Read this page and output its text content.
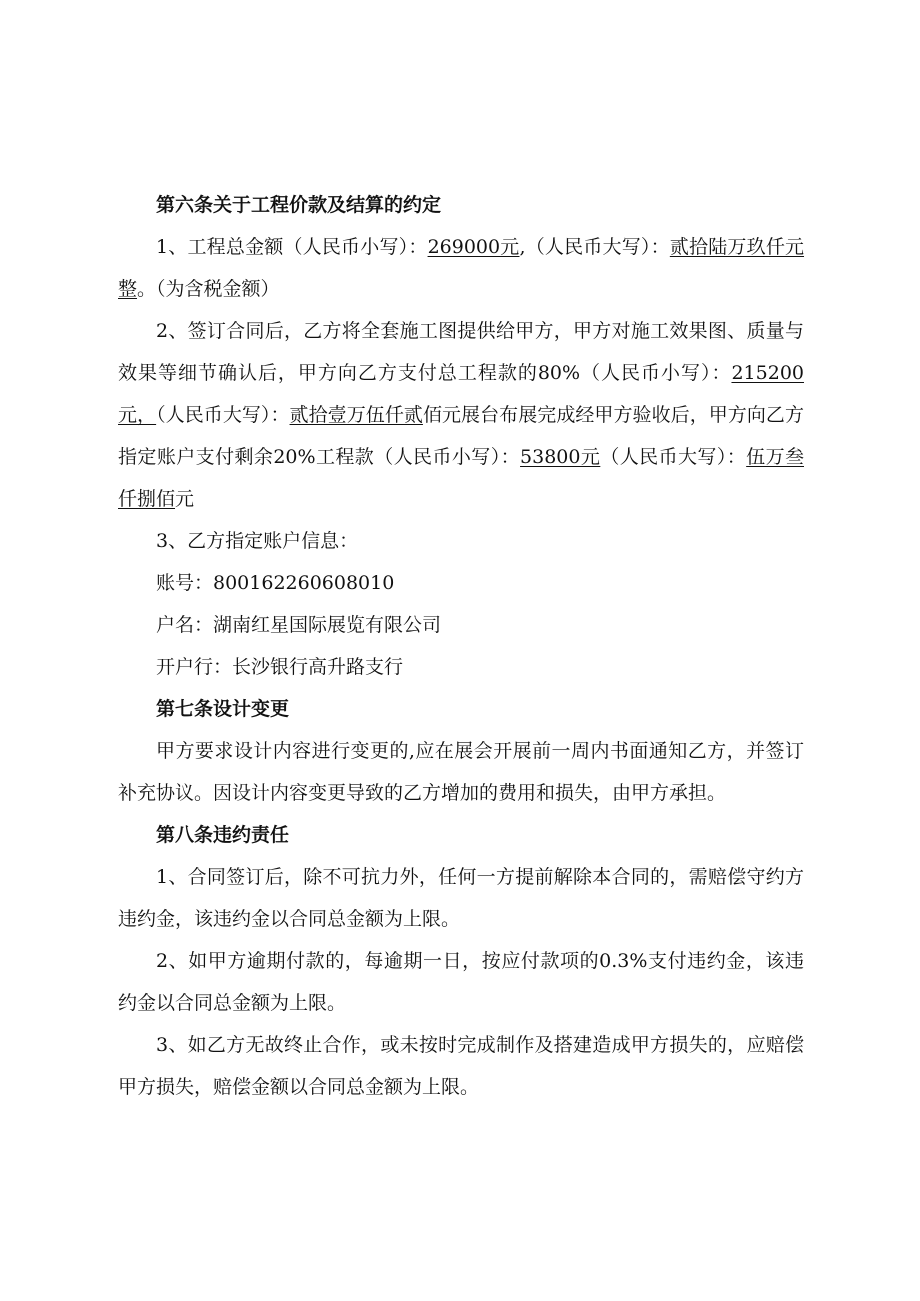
第六条关于工程价款及结算的约定

1、工程总金额（人民币小写）：269000元,（人民币大写）：贰拾陆万玖仟元整。（为含税金额）

2、签订合同后，乙方将全套施工图提供给甲方，甲方对施工效果图、质量与效果等细节确认后，甲方向乙方支付总工程款的80%（人民币小写）：215200元，（人民币大写）：贰拾壹万伍仟贰佰元展台布展完成经甲方验收后，甲方向乙方指定账户支付剩余20%工程款（人民币小写）：53800元（人民币大写）：伍万叁仟捌佰元

3、乙方指定账户信息：

账号：800162260608010

户名：湖南红星国际展览有限公司

开户行：长沙银行高升路支行

第七条设计变更

甲方要求设计内容进行变更的,应在展会开展前一周内书面通知乙方，并签订补充协议。因设计内容变更导致的乙方增加的费用和损失，由甲方承担。

第八条违约责任

1、合同签订后，除不可抗力外，任何一方提前解除本合同的，需赔偿守约方违约金，该违约金以合同总金额为上限。

2、如甲方逾期付款的，每逾期一日，按应付款项的0.3%支付违约金，该违约金以合同总金额为上限。

3、如乙方无故终止合作，或未按时完成制作及搭建造成甲方损失的，应赔偿甲方损失，赔偿金额以合同总金额为上限。
